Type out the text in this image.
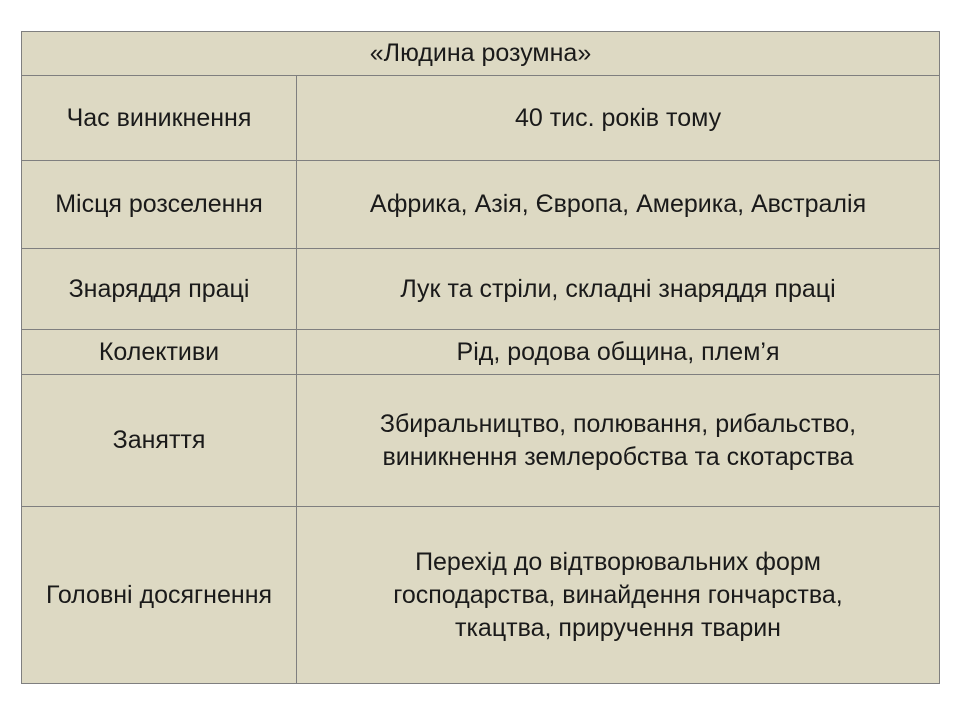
«Людина розумна»	
Час виникнення	40 тис. років тому

Місця розселення	Африка, Азія, Європа, Америка, Австралія

Знаряддя праці	Лук та стріли, складні знаряддя праці

Колективи	Рід, родова община, плем’я

Заняття	Збиральництво, полювання, рибальство,
виникнення землеробства та скотарства

Головні досягнення	Перехід до відтворювальних форм
господарства, винайдення гончарства,
ткацтва, приручення тварин
